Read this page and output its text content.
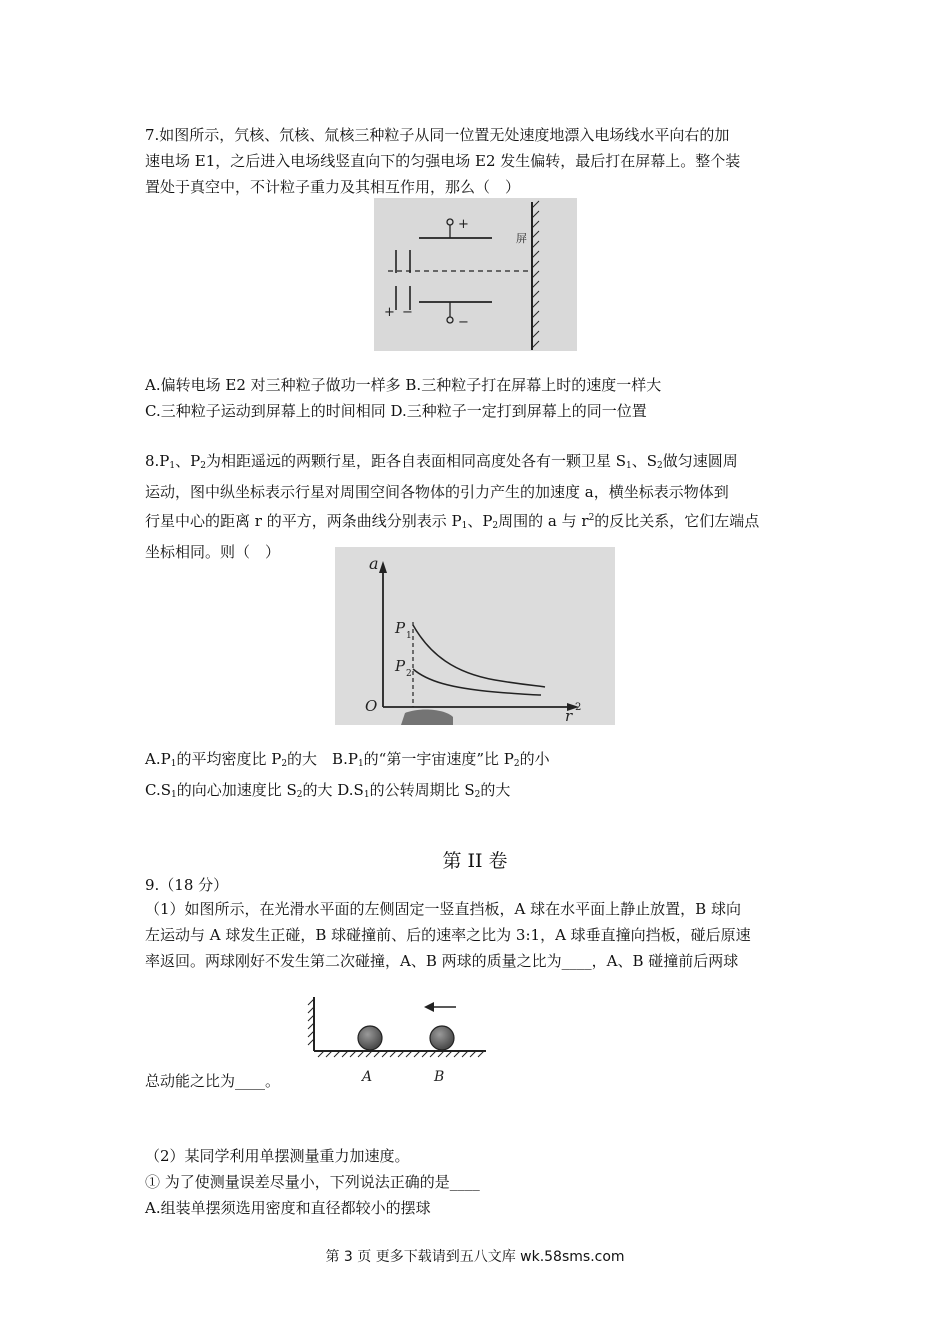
7.如图所示，氕核、氘核、氚核三种粒子从同一位置无处速度地漂入电场线水平向右的加
速电场 E1，之后进入电场线竖直向下的匀强电场 E2 发生偏转，最后打在屏幕上。整个装
置处于真空中，不计粒子重力及其相互作用，那么（　）
+
−
+ −
屏
A.偏转电场 E2 对三种粒子做功一样多 B.三种粒子打在屏幕上时的速度一样大
C.三种粒子运动到屏幕上的时间相同 D.三种粒子一定打到屏幕上的同一位置
$8.P_1$、$P_2$为相距遥远的两颗行星，距各自表面相同高度处各有一颗卫星 $S_1$、$S_2$做匀速圆周
运动，图中纵坐标表示行星对周围空间各物体的引力产生的加速度 a，横坐标表示物体到
行星中心的距离 r 的平方，两条曲线分别表示 $P_1$、$P_2$周围的 a 与 $r^2$的反比关系，它们左端点
坐标相同。则（　）
a
r 2
O
P 1
P 2
$A.P_1$的平均密度比 $P_2$的大　$B.P_1$的“第一宇宙速度”比 $P_2$的小
$C.S_1$的向心加速度比 $S_2$的大 $D.S_1$的公转周期比 $S_2$的大
第 II 卷
9.（18 分）
（1）如图所示，在光滑水平面的左侧固定一竖直挡板，A 球在水平面上静止放置，B 球向
左运动与 A 球发生正碰，B 球碰撞前、后的速率之比为 3:1，A 球垂直撞向挡板，碰后原速
率返回。两球刚好不发生第二次碰撞，A、B 两球的质量之比为____，A、B 碰撞前后两球
A	B
总动能之比为____。
（2）某同学利用单摆测量重力加速度。
① 为了使测量误差尽量小，下列说法正确的是____
A.组装单摆须选用密度和直径都较小的摆球
第 3 页 更多下载请到五八文库 wk.58sms.com
